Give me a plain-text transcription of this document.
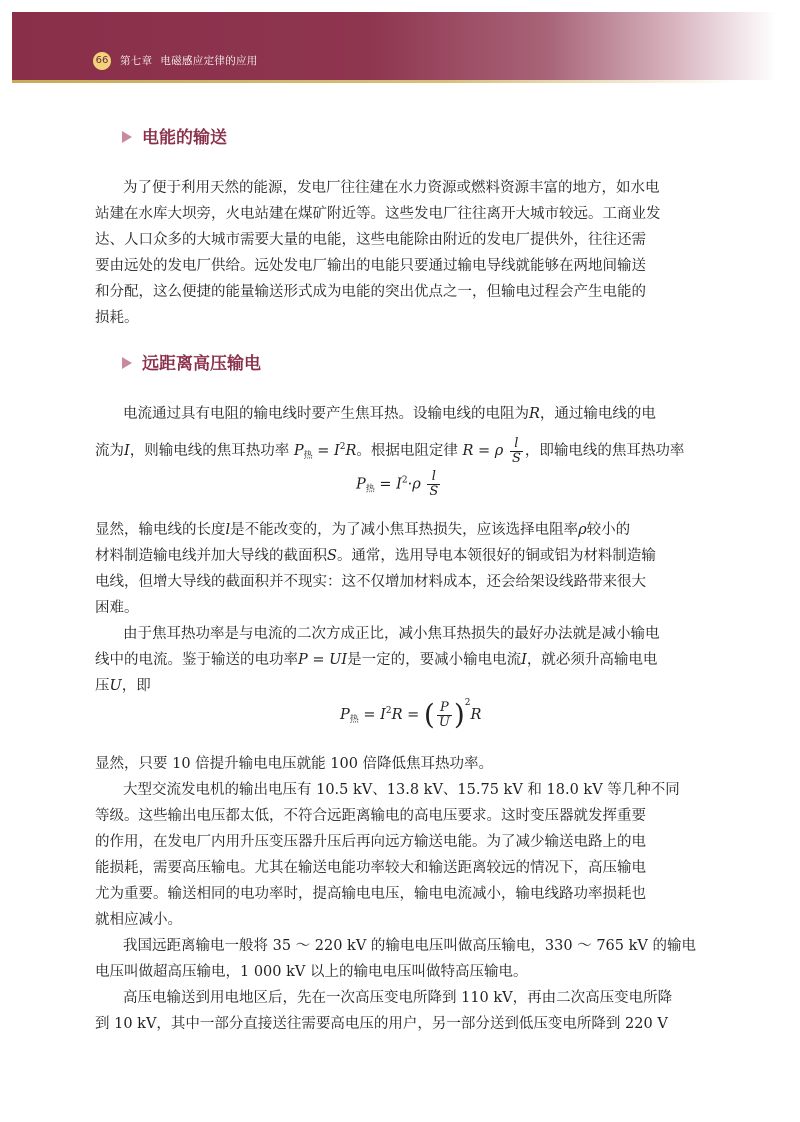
66 第七章 电磁感应定律的应用
电能的输送
为了便于利用天然的能源，发电厂往往建在水力资源或燃料资源丰富的地方，如水电
站建在水库大坝旁，火电站建在煤矿附近等。这些发电厂往往离开大城市较远。工商业发
达、人口众多的大城市需要大量的电能，这些电能除由附近的发电厂提供外，往往还需
要由远处的发电厂供给。远处发电厂输出的电能只要通过输电导线就能够在两地间输送
和分配，这么便捷的能量输送形式成为电能的突出优点之一，但输电过程会产生电能的
损耗。
远距离高压输电
电流通过具有电阻的输电线时要产生焦耳热。设输电线的电阻为R，通过输电线的电
流为I，则输电线的焦耳热功率 $P_热 = I^2R$。根据电阻定律 R = ρ $\frac{l}{S}$ ，即输电线的焦耳热功率
$P_热 = I^2\cdot\rho \frac{l}{S}$
显然，输电线的长度l是不能改变的，为了减小焦耳热损失，应该选择电阻率ρ较小的
材料制造输电线并加大导线的截面积S。通常，选用导电本领很好的铜或铝为材料制造输
电线，但增大导线的截面积并不现实：这不仅增加材料成本，还会给架设线路带来很大
困难。
由于焦耳热功率是与电流的二次方成正比，减小焦耳热损失的最好办法就是减小输电
线中的电流。鉴于输送的电功率P = UI是一定的，要减小输电电流I，就必须升高输电电
压U，即
$P_热 = I^2R$ = ( $\frac{P}{U} )^2R$
显然，只要 10 倍提升输电电压就能 100 倍降低焦耳热功率。
大型交流发电机的输出电压有 10.5 kV、13.8 kV、15.75 kV 和 18.0 kV 等几种不同
等级。这些输出电压都太低，不符合远距离输电的高电压要求。这时变压器就发挥重要
的作用，在发电厂内用升压变压器升压后再向远方输送电能。为了减少输送电路上的电
能损耗，需要高压输电。尤其在输送电能功率较大和输送距离较远的情况下，高压输电
尤为重要。输送相同的电功率时，提高输电电压，输电电流减小，输电线路功率损耗也
就相应减小。
我国远距离输电一般将 35 ～ 220 kV 的输电电压叫做高压输电，330 ～ 765 kV 的输电
电压叫做超高压输电，1 000 kV 以上的输电电压叫做特高压输电。
高压电输送到用电地区后，先在一次高压变电所降到 110 kV，再由二次高压变电所降
到 10 kV，其中一部分直接送往需要高电压的用户，另一部分送到低压变电所降到 220 V
